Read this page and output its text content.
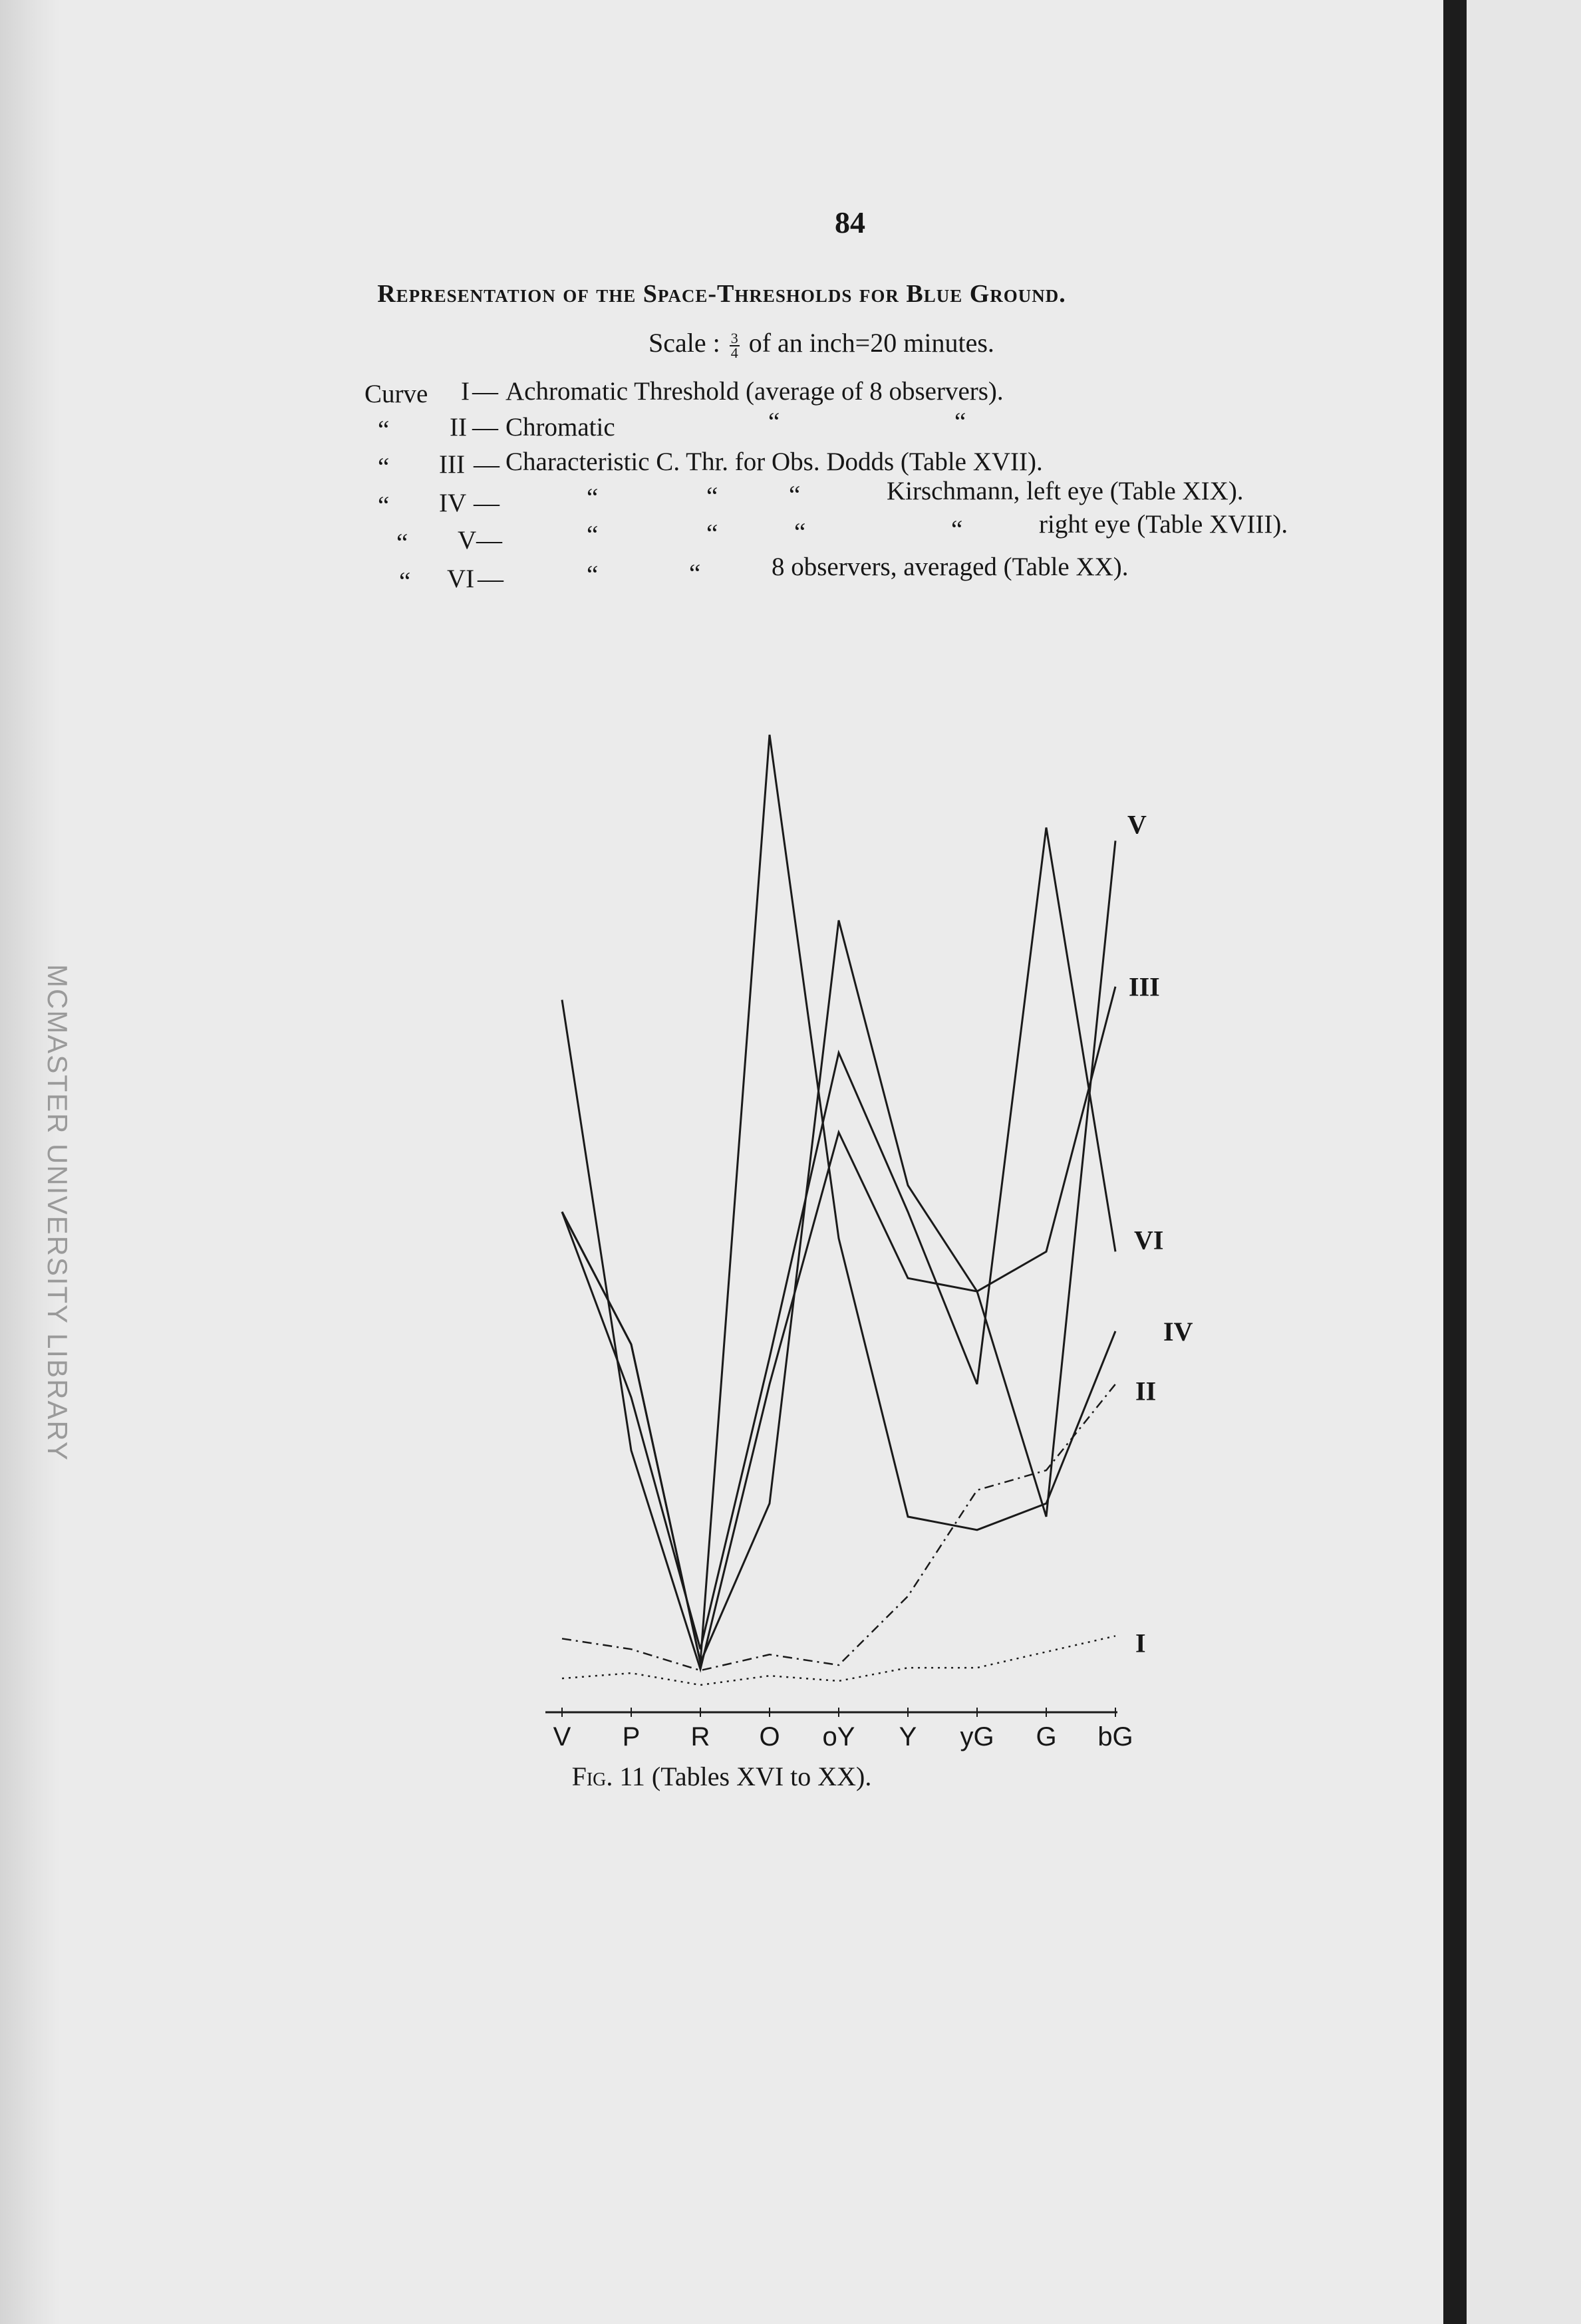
MCMASTER UNIVERSITY LIBRARY
84
Representation of the Space-Thresholds for Blue Ground.
Scale : $\frac{3}{4}$ of an inch=20 minutes.
Curve I — Achromatic Threshold (average of 8 observers).
“ II — Chromatic	“	“
“ III — Characteristic C. Thr. for Obs. Dodds (Table XVII).
“ IV —	“	“	“	Kirschmann, left eye (Table XIX).
“ V —	“	“	“	“	right eye (Table XVIII).
“ VI —	“	“	8 observers, averaged (Table XX).
V P R O oY Y yG G bG
I
II
III
IV
V
VI
Fig. 11 (Tables XVI to XX).
